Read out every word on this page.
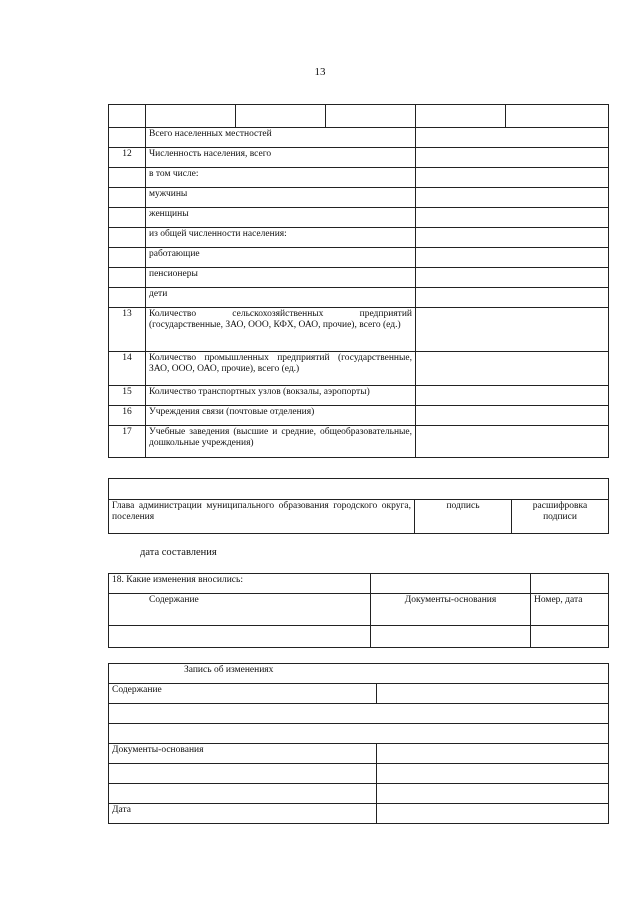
13

	Всего населенных местностей				
12	Численность населения, всего				
	в том числе:				
	мужчины				
	женщины				
	из общей численности населения:				
	работающие				
	пенсионеры				
	дети				
13	Количество сельскохозяйственных предприятий (государственные, ЗАО, ООО, КФХ, ОАО, прочие), всего (ед.)				
14	Количество промышленных предприятий (государственные, ЗАО, ООО, ОАО, прочие), всего (ед.)				
15	Количество транспортных узлов (вокзалы, аэропорты)				
16	Учреждения связи (почтовые отделения)				
17	Учебные заведения (высшие и средние, общеобразовательные, дошкольные учреждения)				

Глава администрации муниципального образования городского округа, поселения	подпись	расшифровка подписи
дата составления
18. Какие изменения вносились:		
Содержание	Документы-основания	Номер, дата

Запись об изменениях	
Содержание	

Документы-основания	

Дата	
